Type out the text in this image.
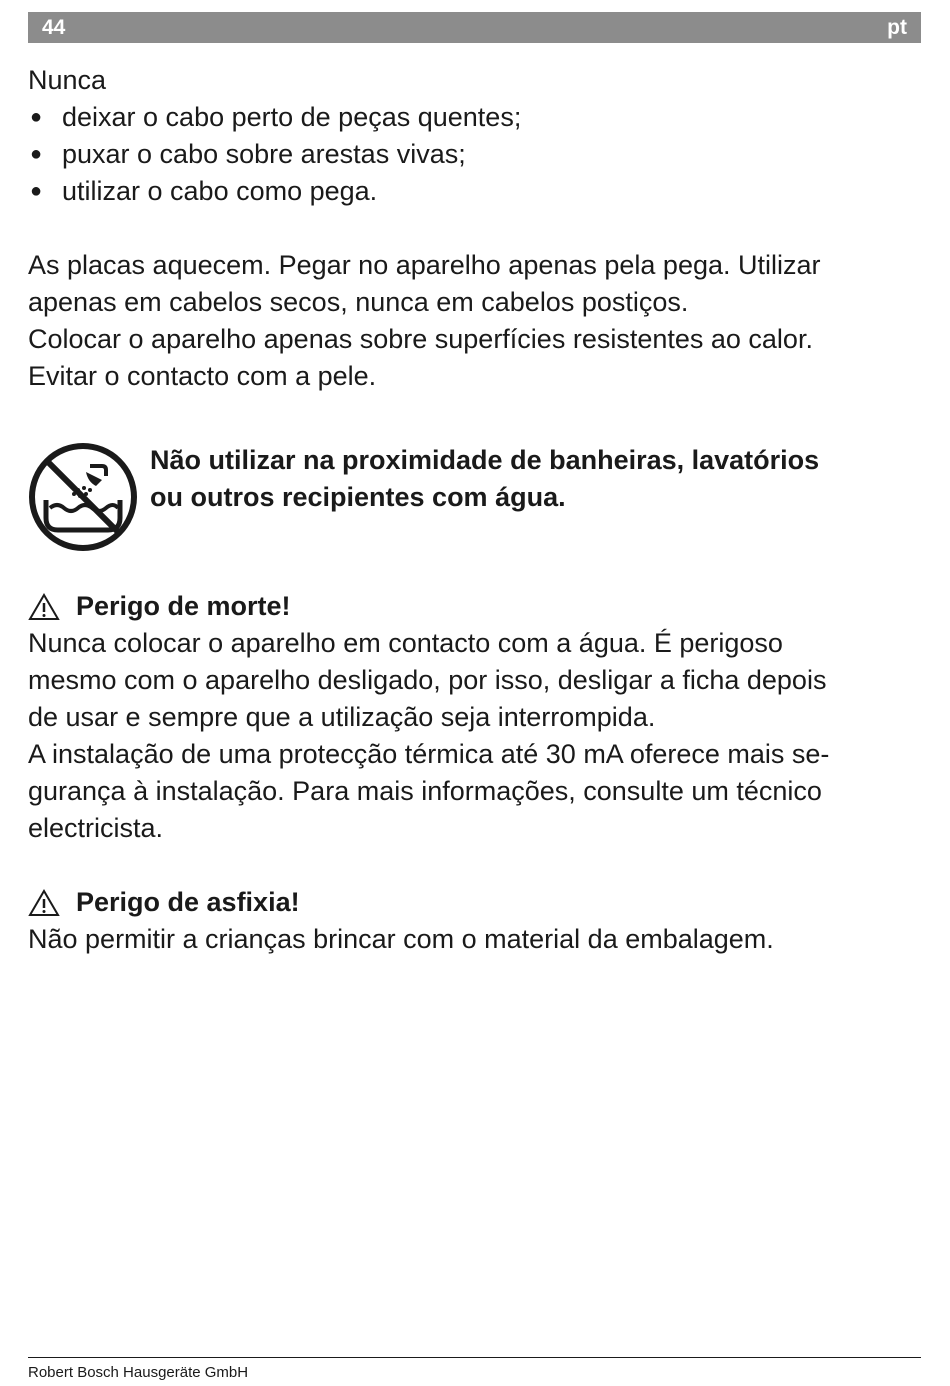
44	pt

Nunca

● deixar o cabo perto de peças quentes;
● puxar o cabo sobre arestas vivas;
● utilizar o cabo como pega.

As placas aquecem. Pegar no aparelho apenas pela pega. Utilizar

apenas em cabelos secos, nunca em cabelos postiços.

Colocar o aparelho apenas sobre superfícies resistentes ao calor.

Evitar o contacto com a pele.

Não utilizar na proximidade de banheiras, lavatórios

ou outros recipientes com água.

Perigo de morte!

Nunca colocar o aparelho em contacto com a água. É perigoso

mesmo com o aparelho desligado, por isso, desligar a ficha depois

de usar e sempre que a utilização seja interrompida.

A instalação de uma protecção térmica até 30 mA oferece mais se-

gurança à instalação. Para mais informações, consulte um técnico

electricista.

Perigo de asfixia!

Não permitir a crianças brincar com o material da embalagem.

Robert Bosch Hausgeräte GmbH
